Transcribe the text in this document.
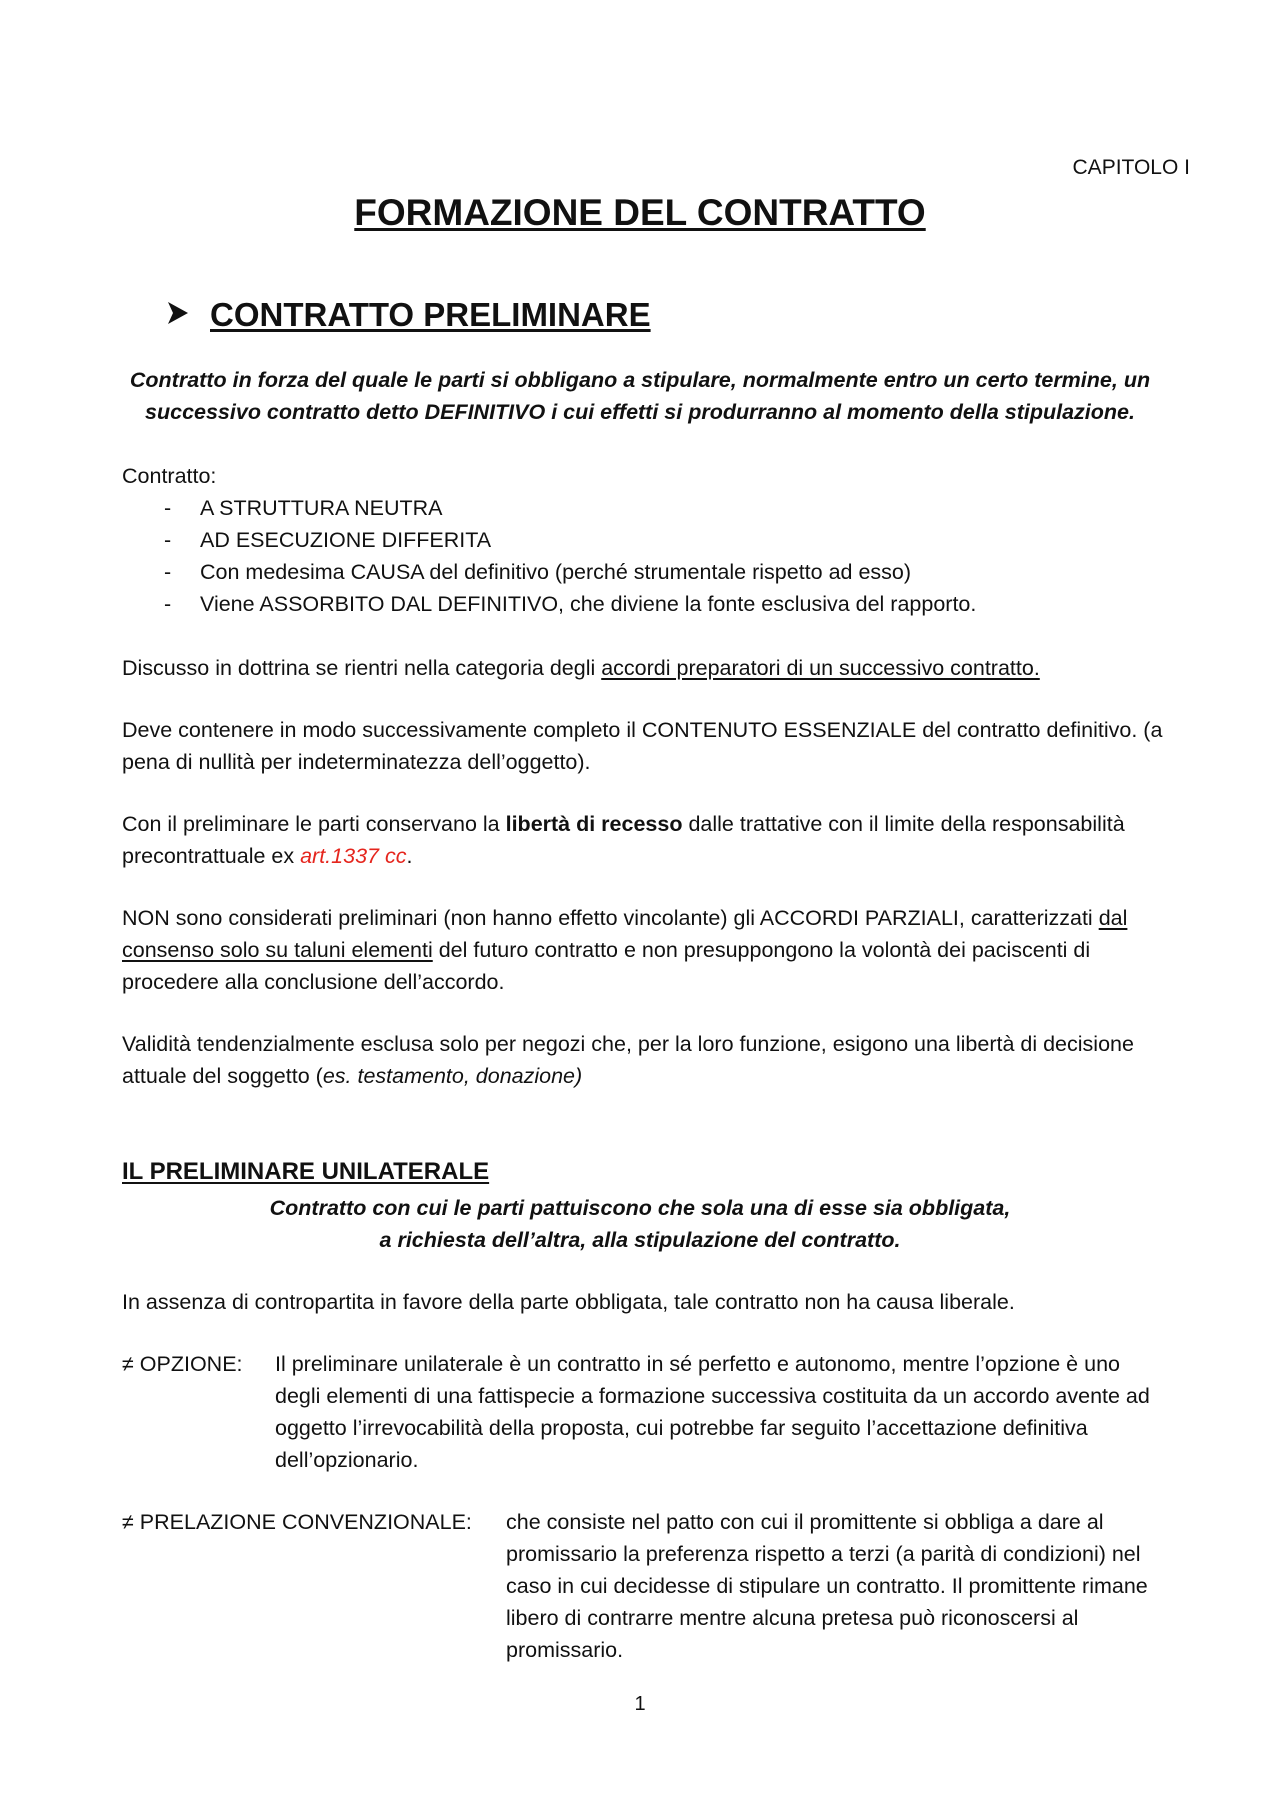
CAPITOLO I
FORMAZIONE DEL CONTRATTO
CONTRATTO PRELIMINARE
Contratto in forza del quale le parti si obbligano a stipulare, normalmente entro un certo termine, un successivo contratto detto DEFINITIVO i cui effetti si produrranno al momento della stipulazione.
Contratto:
- A STRUTTURA NEUTRA
- AD ESECUZIONE DIFFERITA
- Con medesima CAUSA del definitivo (perché strumentale rispetto ad esso)
- Viene ASSORBITO DAL DEFINITIVO, che diviene la fonte esclusiva del rapporto.
Discusso in dottrina se rientri nella categoria degli accordi preparatori di un successivo contratto.
Deve contenere in modo successivamente completo il CONTENUTO ESSENZIALE del contratto definitivo. (a pena di nullità per indeterminatezza dell’oggetto).
Con il preliminare le parti conservano la libertà di recesso dalle trattative con il limite della responsabilità precontrattuale ex art.1337 cc.
NON sono considerati preliminari (non hanno effetto vincolante) gli ACCORDI PARZIALI, caratterizzati dal consenso solo su taluni elementi del futuro contratto e non presuppongono la volontà dei paciscenti di procedere alla conclusione dell’accordo.
Validità tendenzialmente esclusa solo per negozi che, per la loro funzione, esigono una libertà di decisione attuale del soggetto (es. testamento, donazione)
IL PRELIMINARE UNILATERALE
Contratto con cui le parti pattuiscono che sola una di esse sia obbligata,
a richiesta dell’altra, alla stipulazione del contratto.
In assenza di contropartita in favore della parte obbligata, tale contratto non ha causa liberale.
≠ OPZIONE: Il preliminare unilaterale è un contratto in sé perfetto e autonomo, mentre l’opzione è uno degli elementi di una fattispecie a formazione successiva costituita da un accordo avente ad oggetto l’irrevocabilità della proposta, cui potrebbe far seguito l’accettazione definitiva dell’opzionario.
≠ PRELAZIONE CONVENZIONALE: che consiste nel patto con cui il promittente si obbliga a dare al promissario la preferenza rispetto a terzi (a parità di condizioni) nel caso in cui decidesse di stipulare un contratto. Il promittente rimane libero di contrarre mentre alcuna pretesa può riconoscersi al promissario.
1
